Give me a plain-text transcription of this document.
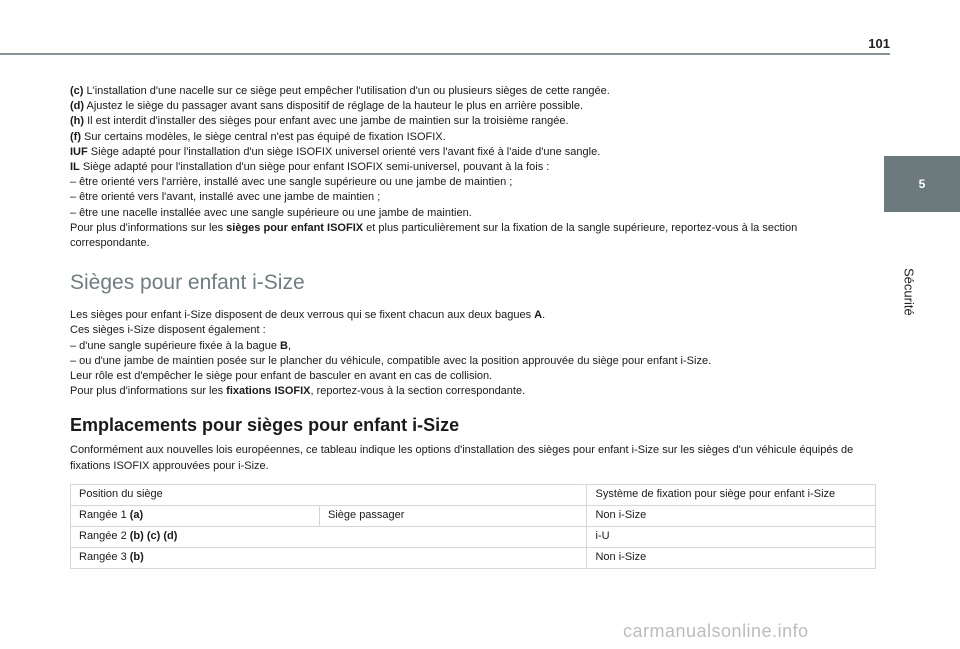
101
5
Sécurité

(c) L'installation d'une nacelle sur ce siège peut empêcher l'utilisation d'un ou plusieurs sièges de cette rangée.

(d) Ajustez le siège du passager avant sans dispositif de réglage de la hauteur le plus en arrière possible.

(h) Il est interdit d'installer des sièges pour enfant avec une jambe de maintien sur la troisième rangée.

(f) Sur certains modèles, le siège central n'est pas équipé de fixation ISOFIX.

IUF Siège adapté pour l'installation d'un siège ISOFIX universel orienté vers l'avant fixé à l'aide d'une sangle.

IL Siège adapté pour l'installation d'un siège pour enfant ISOFIX semi-universel, pouvant à la fois :

– être orienté vers l'arrière, installé avec une sangle supérieure ou une jambe de maintien ;

– être orienté vers l'avant, installé avec une jambe de maintien ;

– être une nacelle installée avec une sangle supérieure ou une jambe de maintien.

Pour plus d'informations sur les sièges pour enfant ISOFIX et plus particulièrement sur la fixation de la sangle supérieure, reportez-vous à la section correspondante.

Sièges pour enfant i-Size

Les sièges pour enfant i-Size disposent de deux verrous qui se fixent chacun aux deux bagues A.

Ces sièges i-Size disposent également :

– d'une sangle supérieure fixée à la bague B,

– ou d'une jambe de maintien posée sur le plancher du véhicule, compatible avec la position approuvée du siège pour enfant i-Size.

Leur rôle est d'empêcher le siège pour enfant de basculer en avant en cas de collision.

Pour plus d'informations sur les fixations ISOFIX, reportez-vous à la section correspondante.

Emplacements pour sièges pour enfant i-Size

Conformément aux nouvelles lois européennes, ce tableau indique les options d'installation des sièges pour enfant i-Size sur les sièges d'un véhicule équipés de fixations ISOFIX approuvées pour i-Size.

Position du siège		Système de fixation pour siège pour enfant i-Size
Rangée 1 (a)	Siège passager	Non i-Size
Rangée 2 (b) (c) (d)		i-U
Rangée 3 (b)		Non i-Size
carmanualsonline.info
